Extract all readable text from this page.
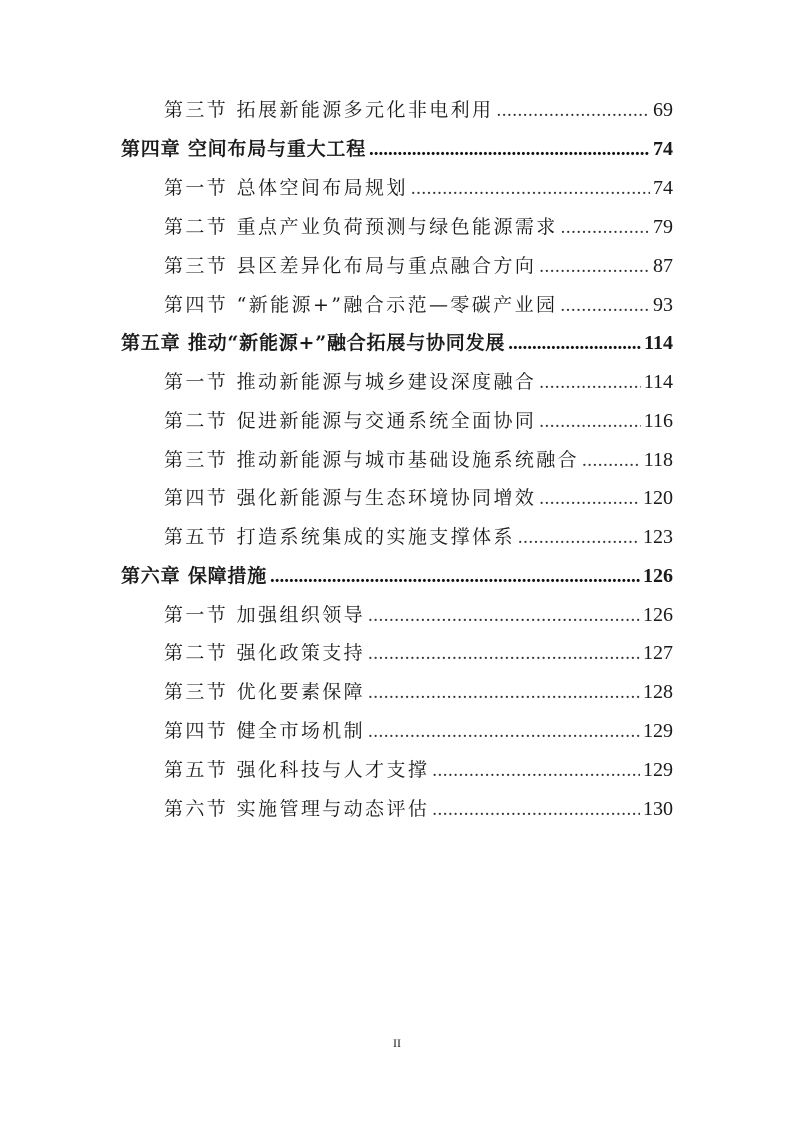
第三节 拓展新能源多元化非电利用 .....	69
第四章 空间布局与重大工程 .....	74
第一节 总体空间布局规划 .....	74
第二节 重点产业负荷预测与绿色能源需求 .....	79
第三节 县区差异化布局与重点融合方向 .....	87
第四节 “新能源+”融合示范—零碳产业园 .....	93
第五章 推动“新能源+”融合拓展与协同发展 .....	114
第一节 推动新能源与城乡建设深度融合 .....	114
第二节 促进新能源与交通系统全面协同 .....	116
第三节 推动新能源与城市基础设施系统融合 .....	118
第四节 强化新能源与生态环境协同增效 .....	120
第五节 打造系统集成的实施支撑体系 .....	123
第六章 保障措施 .....	126
第一节 加强组织领导 .....	126
第二节 强化政策支持 .....	127
第三节 优化要素保障 .....	128
第四节 健全市场机制 .....	129
第五节 强化科技与人才支撑 .....	129
第六节 实施管理与动态评估 .....	130
II
